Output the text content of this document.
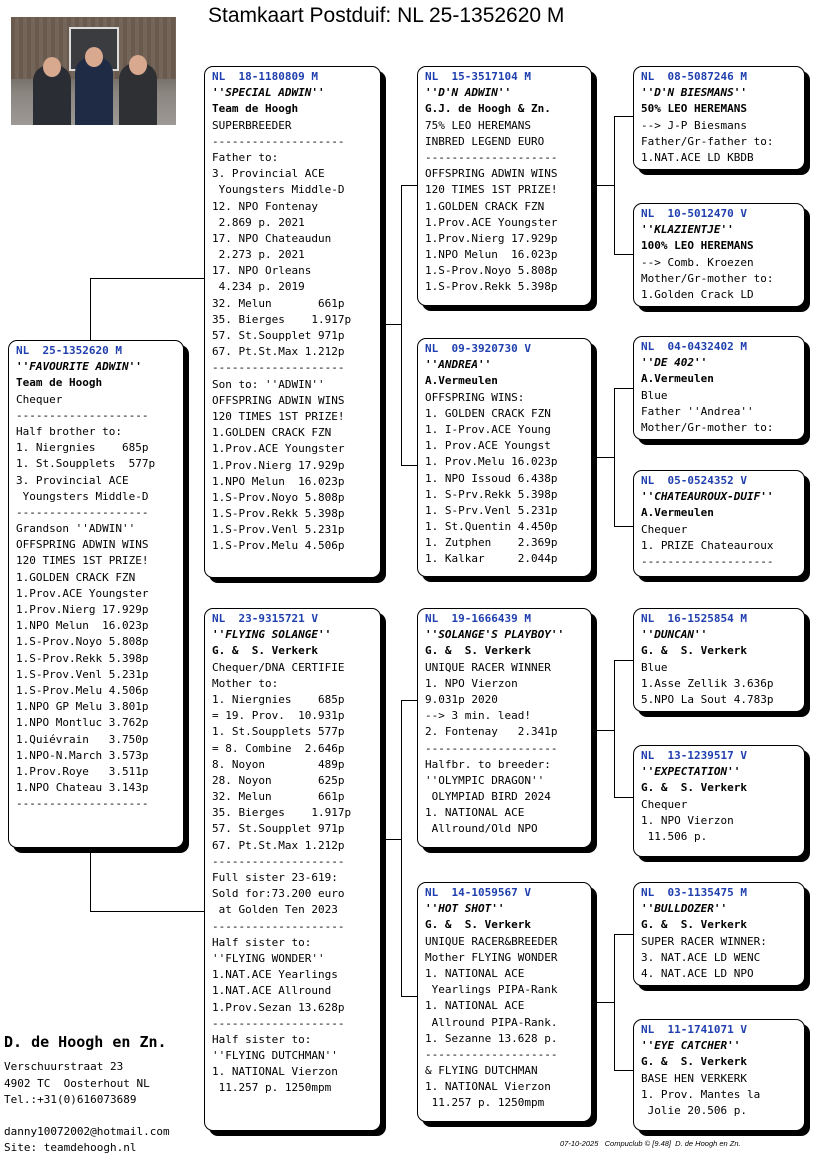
Stamkaart Postduif: NL 25-1352620 M
NL  25-1352620 M
''FAVOURITE ADWIN''
Team de Hoogh
Chequer
--------------------
Half brother to:
1. Niergnies    685p
1. St.Soupplets  577p
3. Provincial ACE
Youngsters Middle-D
--------------------
Grandson ''ADWIN''
OFFSPRING ADWIN WINS
120 TIMES 1ST PRIZE!
1.GOLDEN CRACK FZN
1.Prov.ACE Youngster
1.Prov.Nierg 17.929p
1.NPO Melun  16.023p
1.S-Prov.Noyo 5.808p
1.S-Prov.Rekk 5.398p
1.S-Prov.Venl 5.231p
1.S-Prov.Melu 4.506p
1.NPO GP Melu 3.801p
1.NPO Montluc 3.762p
1.Quiévrain   3.750p
1.NPO-N.March 3.573p
1.Prov.Roye   3.511p
1.NPO Chateau 3.143p
--------------------
NL  18-1180809 M
''SPECIAL ADWIN''
Team de Hoogh
SUPERBREEDER
--------------------
Father to:
3. Provincial ACE
Youngsters Middle-D
12. NPO Fontenay
2.869 p. 2021
17. NPO Chateaudun
2.273 p. 2021
17. NPO Orleans
4.234 p. 2019
32. Melun       661p
35. Bierges    1.917p
57. St.Soupplet 971p
67. Pt.St.Max 1.212p
--------------------
Son to: ''ADWIN''
OFFSPRING ADWIN WINS
120 TIMES 1ST PRIZE!
1.GOLDEN CRACK FZN
1.Prov.ACE Youngster
1.Prov.Nierg 17.929p
1.NPO Melun  16.023p
1.S-Prov.Noyo 5.808p
1.S-Prov.Rekk 5.398p
1.S-Prov.Venl 5.231p
1.S-Prov.Melu 4.506p
NL  23-9315721 V
''FLYING SOLANGE''
G. &  S. Verkerk
Chequer/DNA CERTIFIE
Mother to:
1. Niergnies    685p
= 19. Prov.  10.931p
1. St.Soupplets 577p
= 8. Combine  2.646p
8. Noyon        489p
28. Noyon       625p
32. Melun       661p
35. Bierges    1.917p
57. St.Soupplet 971p
67. Pt.St.Max 1.212p
--------------------
Full sister 23-619:
Sold for:73.200 euro
at Golden Ten 2023
--------------------
Half sister to:
''FLYING WONDER''
1.NAT.ACE Yearlings
1.NAT.ACE Allround
1.Prov.Sezan 13.628p
--------------------
Half sister to:
''FLYING DUTCHMAN''
1. NATIONAL Vierzon
11.257 p. 1250mpm
NL  15-3517104 M
''D'N ADWIN''
G.J. de Hoogh & Zn.
75% LEO HEREMANS
INBRED LEGEND EURO
--------------------
OFFSPRING ADWIN WINS
120 TIMES 1ST PRIZE!
1.GOLDEN CRACK FZN
1.Prov.ACE Youngster
1.Prov.Nierg 17.929p
1.NPO Melun  16.023p
1.S-Prov.Noyo 5.808p
1.S-Prov.Rekk 5.398p
NL  09-3920730 V
''ANDREA''
A.Vermeulen
OFFSPRING WINS:
1. GOLDEN CRACK FZN
1. I-Prov.ACE Young
1. Prov.ACE Youngst
1. Prov.Melu 16.023p
1. NPO Issoud 6.438p
1. S-Prv.Rekk 5.398p
1. S-Prv.Venl 5.231p
1. St.Quentin 4.450p
1. Zutphen    2.369p
1. Kalkar     2.044p
NL  19-1666439 M
''SOLANGE'S PLAYBOY''
G. &  S. Verkerk
UNIQUE RACER WINNER
1. NPO Vierzon
9.031p 2020
--> 3 min. lead!
2. Fontenay   2.341p
--------------------
Halfbr. to breeder:
''OLYMPIC DRAGON''
OLYMPIAD BIRD 2024
1. NATIONAL ACE
Allround/Old NPO
NL  14-1059567 V
''HOT SHOT''
G. &  S. Verkerk
UNIQUE RACER&BREEDER
Mother FLYING WONDER
1. NATIONAL ACE
Yearlings PIPA-Rank
1. NATIONAL ACE
Allround PIPA-Rank.
1. Sezanne 13.628 p.
--------------------
& FLYING DUTCHMAN
1. NATIONAL Vierzon
11.257 p. 1250mpm
NL  08-5087246 M
''D'N BIESMANS''
50% LEO HEREMANS
--> J-P Biesmans
Father/Gr-father to:
1.NAT.ACE LD KBDB
NL  10-5012470 V
''KLAZIENTJE''
100% LEO HEREMANS
--> Comb. Kroezen
Mother/Gr-mother to:
1.Golden Crack LD
NL  04-0432402 M
''DE 402''
A.Vermeulen
Blue
Father ''Andrea''
Mother/Gr-mother to:
NL  05-0524352 V
''CHATEAUROUX-DUIF''
A.Vermeulen
Chequer
1. PRIZE Chateauroux
--------------------
NL  16-1525854 M
''DUNCAN''
G. &  S. Verkerk
Blue
1.Asse Zellik 3.636p
5.NPO La Sout 4.783p
NL  13-1239517 V
''EXPECTATION''
G. &  S. Verkerk
Chequer
1. NPO Vierzon
11.506 p.
NL  03-1135475 M
''BULLDOZER''
G. &  S. Verkerk
SUPER RACER WINNER:
3. NAT.ACE LD WENC
4. NAT.ACE LD NPO
NL  11-1741071 V
''EYE CATCHER''
G. &  S. Verkerk
BASE HEN VERKERK
1. Prov. Mantes la
Jolie 20.506 p.
D. de Hoogh en Zn.
Verschuurstraat 23
4902 TC  Oosterhout NL
Tel.:+31(0)616073689
danny10072002@hotmail.com
Site: teamdehoogh.nl	07-10-2025   Compuclub © [9.48]  D. de Hoogh en Zn.
